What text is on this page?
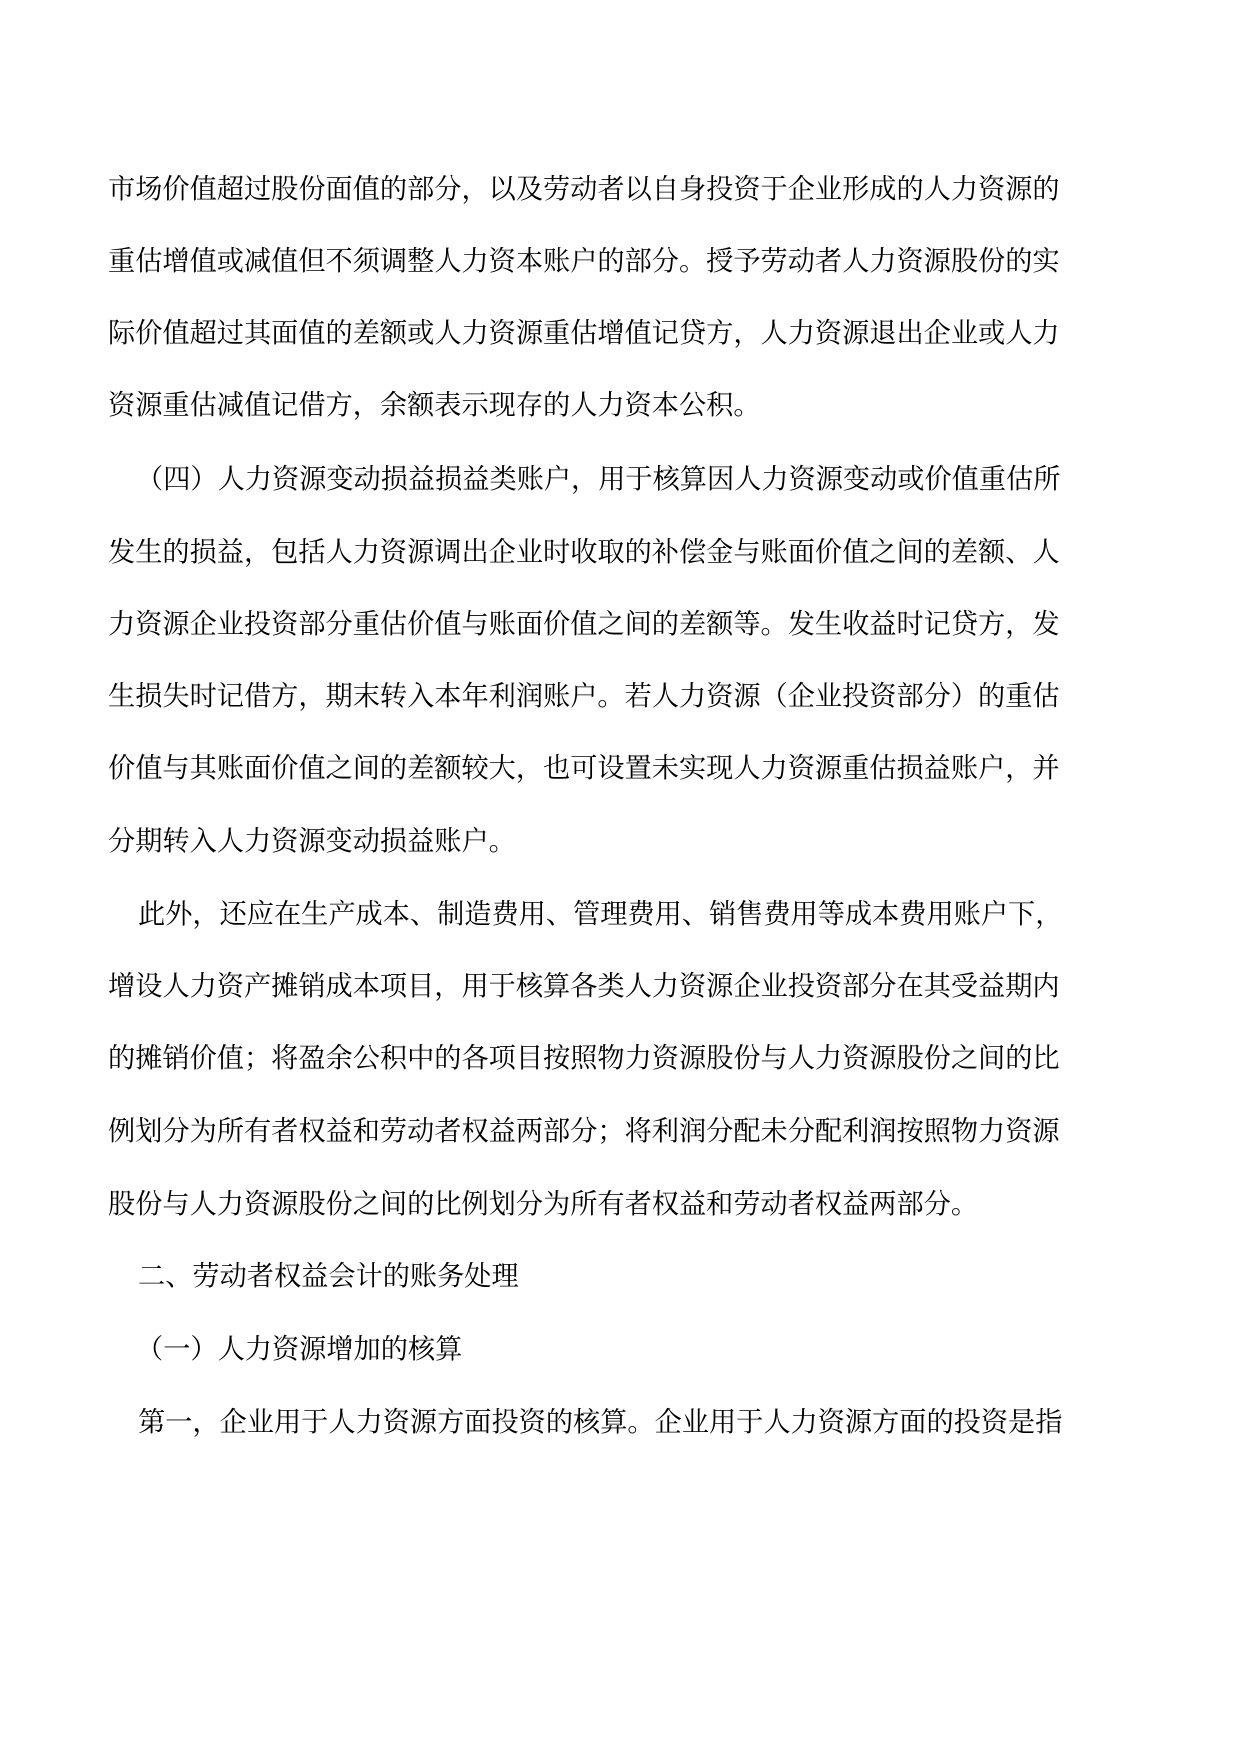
市场价值超过股份面值的部分，以及劳动者以自身投资于企业形成的人力资源的
重估增值或减值但不须调整人力资本账户的部分。授予劳动者人力资源股份的实
际价值超过其面值的差额或人力资源重估增值记贷方，人力资源退出企业或人力
资源重估减值记借方，余额表示现存的人力资本公积。
（四）人力资源变动损益损益类账户，用于核算因人力资源变动或价值重估所
发生的损益，包括人力资源调出企业时收取的补偿金与账面价值之间的差额、人
力资源企业投资部分重估价值与账面价值之间的差额等。发生收益时记贷方，发
生损失时记借方，期末转入本年利润账户。若人力资源（企业投资部分）的重估
价值与其账面价值之间的差额较大，也可设置未实现人力资源重估损益账户，并
分期转入人力资源变动损益账户。
此外，还应在生产成本、制造费用、管理费用、销售费用等成本费用账户下，
增设人力资产摊销成本项目，用于核算各类人力资源企业投资部分在其受益期内
的摊销价值；将盈余公积中的各项目按照物力资源股份与人力资源股份之间的比
例划分为所有者权益和劳动者权益两部分；将利润分配未分配利润按照物力资源
股份与人力资源股份之间的比例划分为所有者权益和劳动者权益两部分。
二、劳动者权益会计的账务处理
（一）人力资源增加的核算
第一，企业用于人力资源方面投资的核算。企业用于人力资源方面的投资是指
